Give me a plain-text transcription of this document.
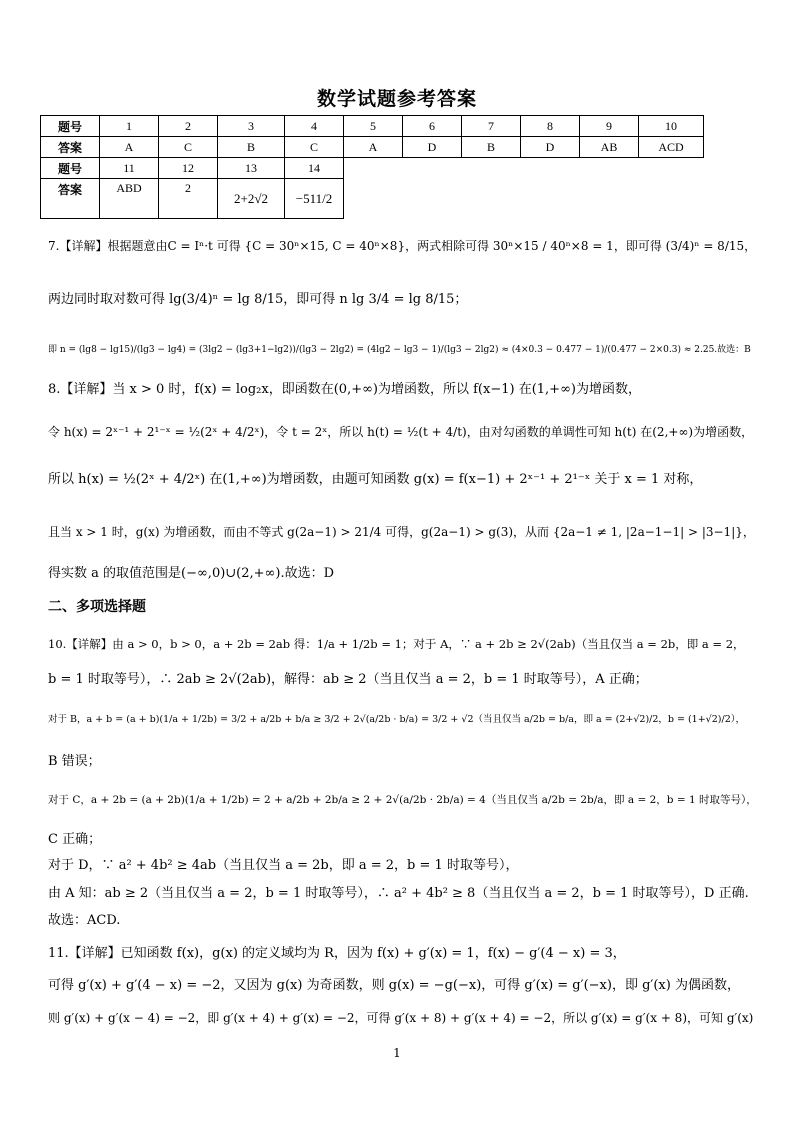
数学试题参考答案
题号	1	2	3	4	5	6	7	8	9	10
答案	A	C	B	C	A	D	B	D	AB	ACD
题号	11	12	13	14						
答案	ABD	2	2+2√2	−511/2						
7.【详解】根据题意由C = Iⁿ·t 可得 {C = 30ⁿ×15, C = 40ⁿ×8}，两式相除可得 30ⁿ×15 / 40ⁿ×8 = 1，即可得 (3/4)ⁿ = 8/15，
两边同时取对数可得 lg(3/4)ⁿ = lg 8/15，即可得 n lg 3/4 = lg 8/15；
即 n = (lg8 − lg15)/(lg3 − lg4) = (3lg2 − (lg3+1−lg2))/(lg3 − 2lg2) = (4lg2 − lg3 − 1)/(lg3 − 2lg2) ≈ (4×0.3 − 0.477 − 1)/(0.477 − 2×0.3) ≈ 2.25.故选：B
8.【详解】当 x > 0 时，f(x) = log₂x，即函数在(0,+∞)为增函数，所以 f(x−1) 在(1,+∞)为增函数，
令 h(x) = 2ˣ⁻¹ + 2¹⁻ˣ = ½(2ˣ + 4/2ˣ)，令 t = 2ˣ，所以 h(t) = ½(t + 4/t)，由对勾函数的单调性可知 h(t) 在(2,+∞)为增函数，
所以 h(x) = ½(2ˣ + 4/2ˣ) 在(1,+∞)为增函数，由题可知函数 g(x) = f(x−1) + 2ˣ⁻¹ + 2¹⁻ˣ 关于 x = 1 对称，
且当 x > 1 时，g(x) 为增函数，而由不等式 g(2a−1) > 21/4 可得，g(2a−1) > g(3)，从而 {2a−1 ≠ 1, |2a−1−1| > |3−1|}，
得实数 a 的取值范围是(−∞,0)∪(2,+∞).故选：D
二、多项选择题
10.【详解】由 a > 0，b > 0，a + 2b = 2ab 得：1/a + 1/2b = 1；对于 A，∵ a + 2b ≥ 2√(2ab)（当且仅当 a = 2b，即 a = 2，
b = 1 时取等号），∴ 2ab ≥ 2√(2ab)，解得：ab ≥ 2（当且仅当 a = 2，b = 1 时取等号），A 正确；
对于 B，a + b = (a + b)(1/a + 1/2b) = 3/2 + a/2b + b/a ≥ 3/2 + 2√(a/2b · b/a) = 3/2 + √2（当且仅当 a/2b = b/a，即 a = (2+√2)/2，b = (1+√2)/2），
B 错误；
对于 C，a + 2b = (a + 2b)(1/a + 1/2b) = 2 + a/2b + 2b/a ≥ 2 + 2√(a/2b · 2b/a) = 4（当且仅当 a/2b = 2b/a，即 a = 2，b = 1 时取等号），
C 正确；
对于 D，∵ a² + 4b² ≥ 4ab（当且仅当 a = 2b，即 a = 2，b = 1 时取等号），
由 A 知：ab ≥ 2（当且仅当 a = 2，b = 1 时取等号），∴ a² + 4b² ≥ 8（当且仅当 a = 2，b = 1 时取等号），D 正确.
故选：ACD.
11.【详解】已知函数 f(x)，g(x) 的定义域均为 R，因为 f(x) + g′(x) = 1，f(x) − g′(4 − x) = 3，
可得 g′(x) + g′(4 − x) = −2，又因为 g(x) 为奇函数，则 g(x) = −g(−x)，可得 g′(x) = g′(−x)，即 g′(x) 为偶函数，
则 g′(x) + g′(x − 4) = −2，即 g′(x + 4) + g′(x) = −2，可得 g′(x + 8) + g′(x + 4) = −2，所以 g′(x) = g′(x + 8)，可知 g′(x)
1
